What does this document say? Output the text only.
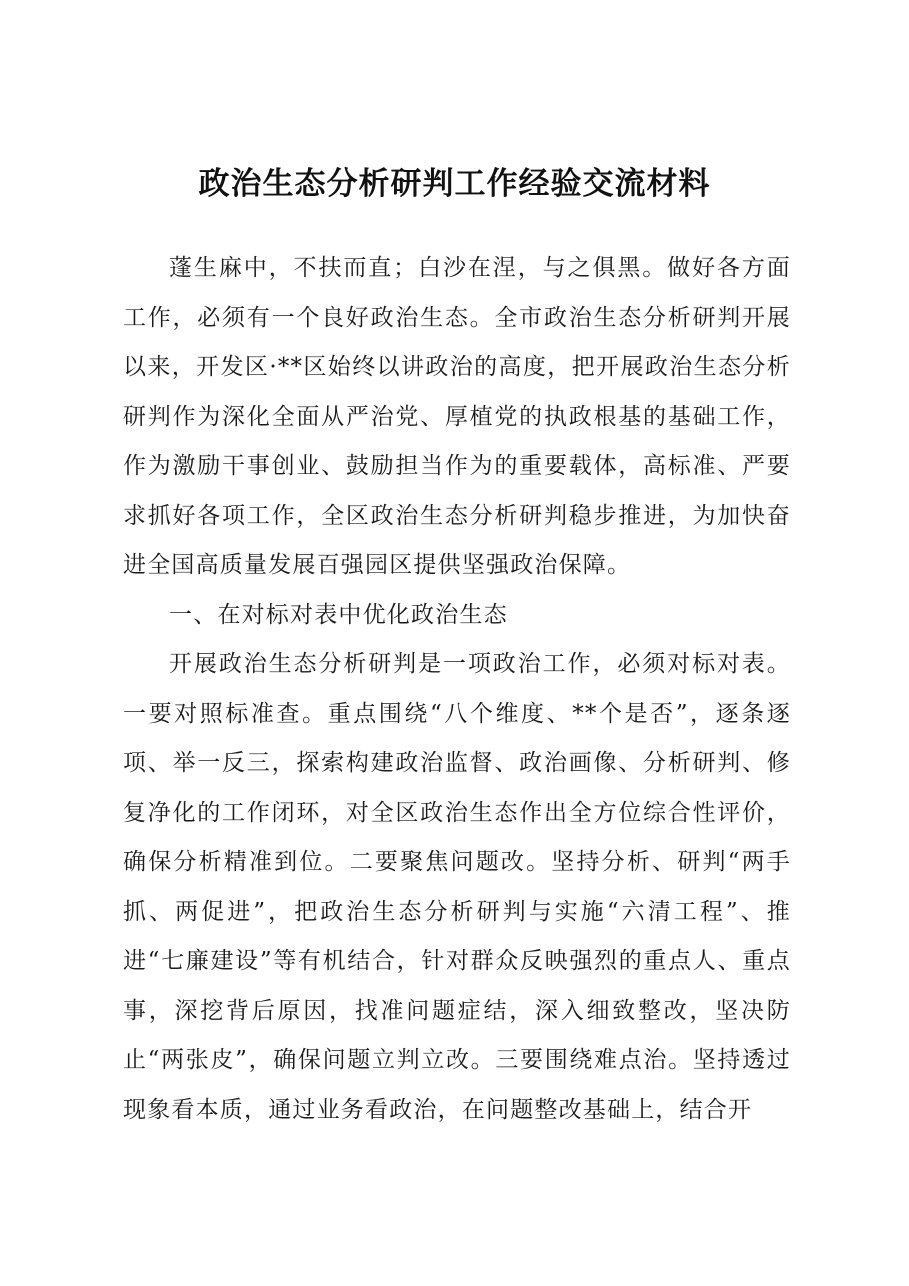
政治生态分析研判工作经验交流材料

蓬生麻中，不扶而直；白沙在涅，与之俱黑。做好各方面工作，必须有一个良好政治生态。全市政治生态分析研判开展以来，开发区·**区始终以讲政治的高度，把开展政治生态分析研判作为深化全面从严治党、厚植党的执政根基的基础工作，作为激励干事创业、鼓励担当作为的重要载体，高标准、严要求抓好各项工作，全区政治生态分析研判稳步推进，为加快奋进全国高质量发展百强园区提供坚强政治保障。

一、在对标对表中优化政治生态

开展政治生态分析研判是一项政治工作，必须对标对表。一要对照标准查。重点围绕“八个维度、**个是否”，逐条逐项、举一反三，探索构建政治监督、政治画像、分析研判、修复净化的工作闭环，对全区政治生态作出全方位综合性评价，确保分析精准到位。二要聚焦问题改。坚持分析、研判“两手抓、两促进”，把政治生态分析研判与实施“六清工程”、推进“七廉建设”等有机结合，针对群众反映强烈的重点人、重点事，深挖背后原因，找准问题症结，深入细致整改，坚决防止“两张皮”，确保问题立判立改。三要围绕难点治。坚持透过现象看本质，通过业务看政治，在问题整改基础上，结合开
